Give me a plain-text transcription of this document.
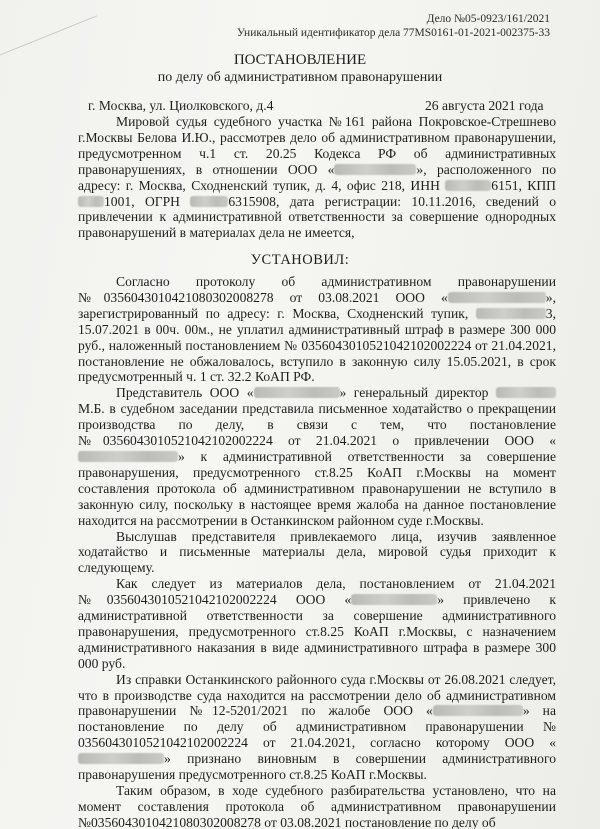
Дело №05-0923/161/2021
Уникальный идентификатор дела 77MS0161-01-2021-002375-33
ПОСТАНОВЛЕНИЕ
по делу об административном правонарушении
г. Москва, ул. Циолковского, д.4	26 августа 2021 года

Мировой судья судебного участка №161 района Покровское-Стрешнево г.Москвы Белова И.Ю., рассмотрев дело об административном правонарушении, предусмотренном ч.1 ст. 20.25 Кодекса РФ об административных правонарушениях, в отношении ООО «	», расположенного по адресу: г. Москва, Сходненский тупик, д. 4, офис 218, ИНН	6151, КПП 1001, ОГРН	6315908, дата регистрации: 10.11.2016, сведений о привлечении к административной ответственности за совершение однородных правонарушений в материалах дела не имеется,

УСТАНОВИЛ:

Согласно протоколу об административном правонарушении №0356043010421080302008278 от 03.08.2021 ООО «	», зарегистрированный по адресу: г. Москва, Сходненский тупик,	3, 15.07.2021 в 00ч. 00м., не уплатил административный штраф в размере 300 000 руб., наложенный постановлением № 0356043010521042102002224 от 21.04.2021, постановление не обжаловалось, вступило в законную силу 15.05.2021, в срок предусмотренный ч. 1 ст. 32.2 КоАП РФ.

Представитель ООО «	» генеральный директор  М.Б. в судебном заседании представила письменное ходатайство о прекращении производства по делу, в связи с тем, что постановление №0356043010521042102002224 от 21.04.2021 о привлечении ООО «» к административной ответственности за совершение правонарушения, предусмотренного ст.8.25 КоАП г.Москвы на момент составления протокола об административном правонарушении не вступило в законную силу, поскольку в настоящее время жалоба на данное постановление находится на рассмотрении в Останкинском районном суде г.Москвы.

Выслушав представителя привлекаемого лица, изучив заявленное ходатайство и письменные материалы дела, мировой судья приходит к следующему.

Как следует из материалов дела, постановлением от 21.04.2021 №0356043010521042102002224 ООО «	» привлечено к административной ответственности за совершение административного правонарушения, предусмотренного ст.8.25 КоАП г.Москвы, с назначением административного наказания в виде административного штрафа в размере 300 000 руб.

Из справки Останкинского районного суда г.Москвы от 26.08.2021 следует, что в производстве суда находится на рассмотрении дело об административном правонарушении №12-5201/2021 по жалобе ООО «	» на постановление по делу об административном правонарушении № 0356043010521042102002224 от 21.04.2021, согласно которому ООО «» признано виновным в совершении административного правонарушения предусмотренного ст.8.25 КоАП г.Москвы.

Таким образом, в ходе судебного разбирательства установлено, что на момент составления протокола об административном правонарушении №0356043010421080302008278 от 03.08.2021 постановление по делу об
